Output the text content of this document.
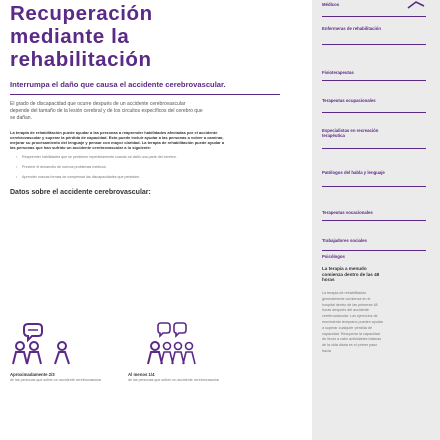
Recuperación
mediante la
rehabilitación
Interrumpa el daño que causa el accidente cerebrovascular.
El grado de discapacidad que ocurre después de un accidente cerebrovascular depende del tamaño de la lesión cerebral y de los circuitos específicos del cerebro que se dañan.
La terapia de rehabilitación puede ayudar a las personas a reaprender habilidades afectadas por el accidente cerebrovascular y superar la pérdida de capacidad. Esto puede incluir ayudar a las personas a volver a caminar, mejorar su procesamiento del lenguaje y pensar con mayor claridad. La terapia de rehabilitación puede ayudar a las personas que han sufrido un accidente cerebrovascular a lo siguiente:
• Reaprender habilidades que se perdieron repentinamente cuando se dañó una parte del cerebro.
• Prevenir el desarrollo de nuevos problemas médicos.
• Aprender nuevas formas de compensar las discapacidades que persisten.
Datos sobre el accidente cerebrovascular:
Aproximadamente 2/3
de las personas que sufren un accidente cerebrovascular
Al menos 1/4
de las personas que sufren un accidente cerebrovascular
Médicos
Enfermeras de rehabilitación
Fisioterapeutas
Terapeutas ocupacionales
Especialistas en recreación terapéutica
Patólogos del habla y lenguaje
Terapeutas vocacionales
Trabajadores sociales
La terapia a menudo comienza dentro de las 48 horas
La terapia de rehabilitación generalmente comienza en el hospital dentro de las primeras 48 horas después del accidente cerebrovascular. Los ejercicios de movimiento temprano pueden ayudar a superar cualquier pérdida de capacidad. Recuperar la capacidad de llevar a cabo actividades básicas de la vida diaria es el primer paso hacia
Psicólogos
